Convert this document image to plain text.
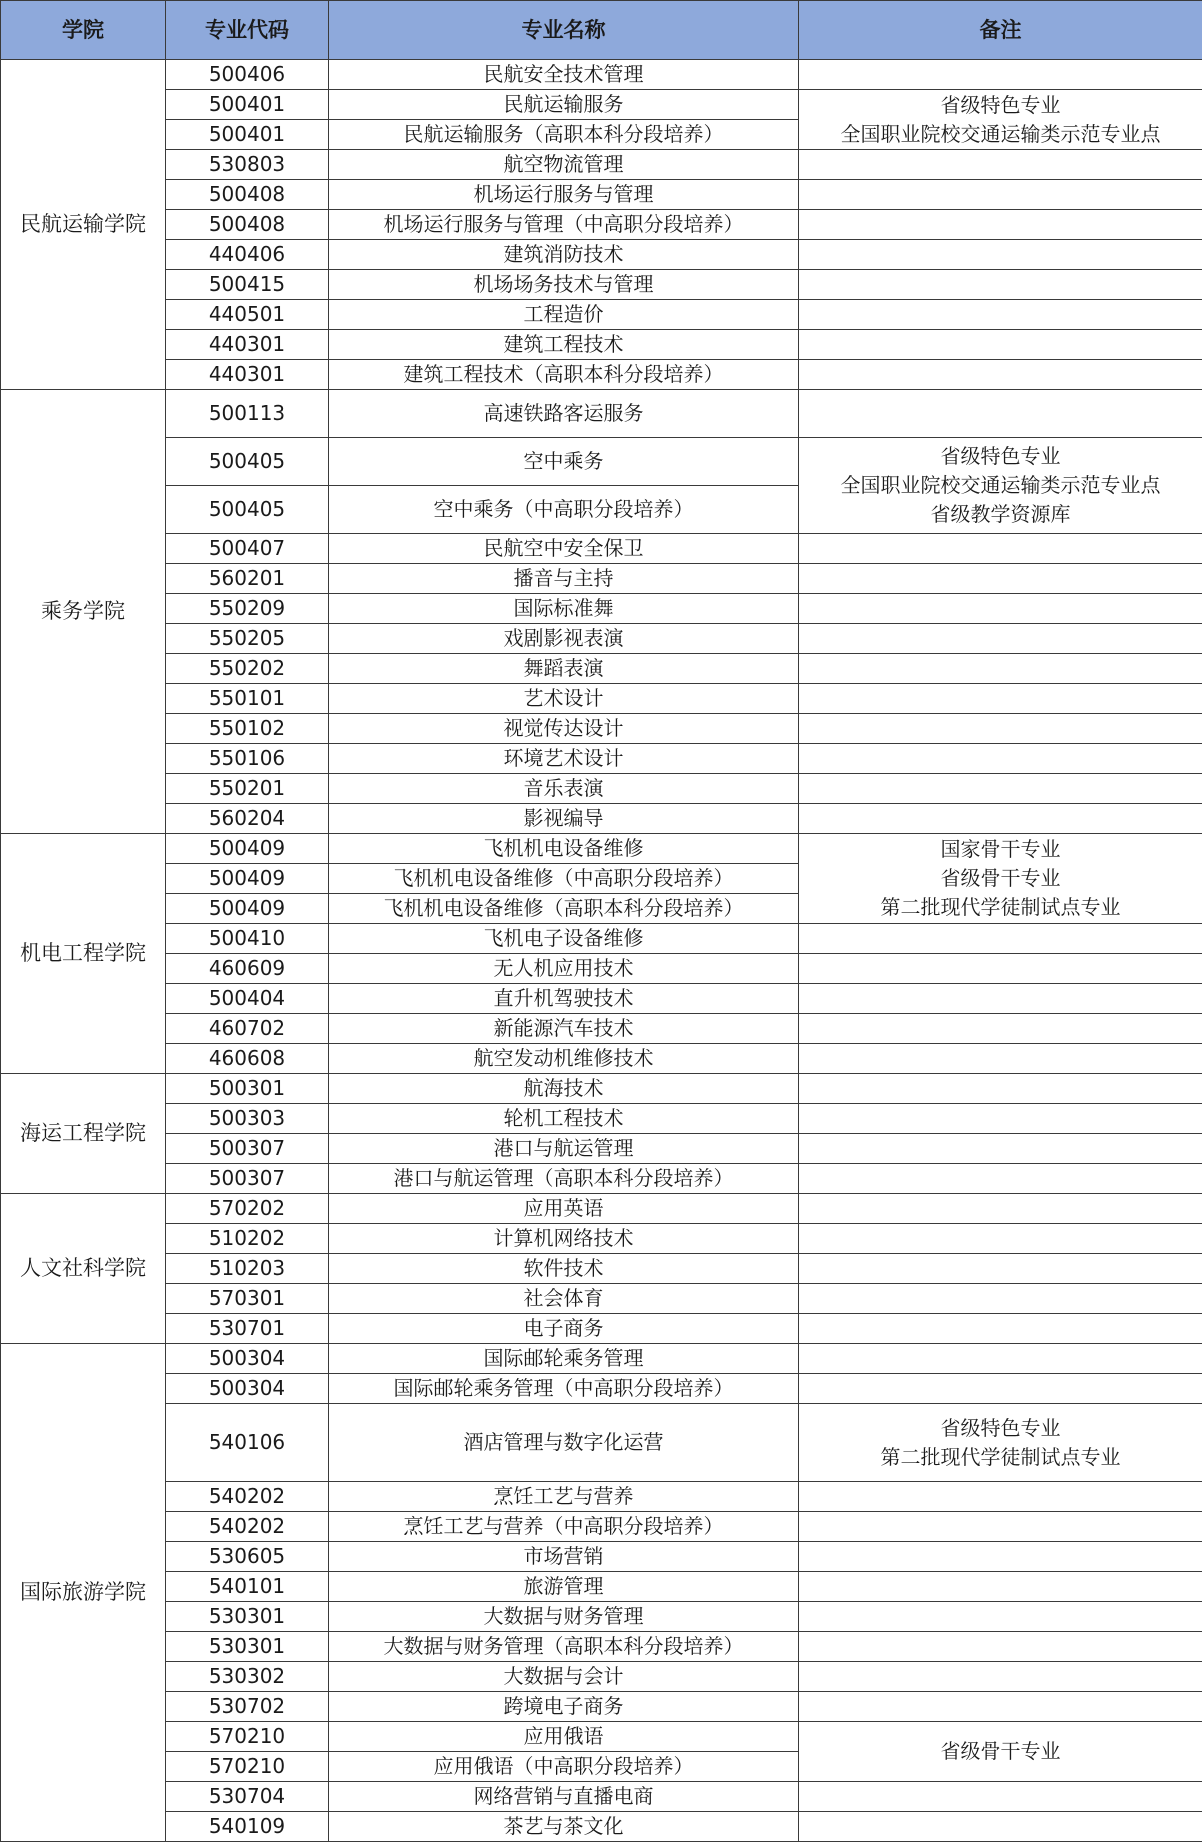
学院	专业代码	专业名称	备注
民航运输学院	500406	民航安全技术管理	
	500401	民航运输服务	省级特色专业
全国职业院校交通运输类示范专业点

	500401	民航运输服务（高职本科分段培养）	
	530803	航空物流管理	
	500408	机场运行服务与管理	
	500408	机场运行服务与管理（中高职分段培养）	
	440406	建筑消防技术	
	500415	机场场务技术与管理	
	440501	工程造价	
	440301	建筑工程技术	
	440301	建筑工程技术（高职本科分段培养）	
乘务学院	500113	高速铁路客运服务	
	500405	空中乘务	省级特色专业
全国职业院校交通运输类示范专业点
省级教学资源库

	500405	空中乘务（中高职分段培养）	
	500407	民航空中安全保卫	
	560201	播音与主持	
	550209	国际标准舞	
	550205	戏剧影视表演	
	550202	舞蹈表演	
	550101	艺术设计	
	550102	视觉传达设计	
	550106	环境艺术设计	
	550201	音乐表演	
	560204	影视编导	
机电工程学院	500409	飞机机电设备维修	国家骨干专业
省级骨干专业
第二批现代学徒制试点专业

	500409	飞机机电设备维修（中高职分段培养）	
	500409	飞机机电设备维修（高职本科分段培养）	
	500410	飞机电子设备维修	
	460609	无人机应用技术	
	500404	直升机驾驶技术	
	460702	新能源汽车技术	
	460608	航空发动机维修技术	
海运工程学院	500301	航海技术	
	500303	轮机工程技术	
	500307	港口与航运管理	
	500307	港口与航运管理（高职本科分段培养）	
人文社科学院	570202	应用英语	
	510202	计算机网络技术	
	510203	软件技术	
	570301	社会体育	
	530701	电子商务	
国际旅游学院	500304	国际邮轮乘务管理	
	500304	国际邮轮乘务管理（中高职分段培养）	
	540106	酒店管理与数字化运营	省级特色专业
第二批现代学徒制试点专业

	540202	烹饪工艺与营养	
	540202	烹饪工艺与营养（中高职分段培养）	
	530605	市场营销	
	540101	旅游管理	
	530301	大数据与财务管理	
	530301	大数据与财务管理（高职本科分段培养）	
	530302	大数据与会计	
	530702	跨境电子商务	
	570210	应用俄语	省级骨干专业

	570210	应用俄语（中高职分段培养）	
	530704	网络营销与直播电商	
	540109	茶艺与茶文化	
